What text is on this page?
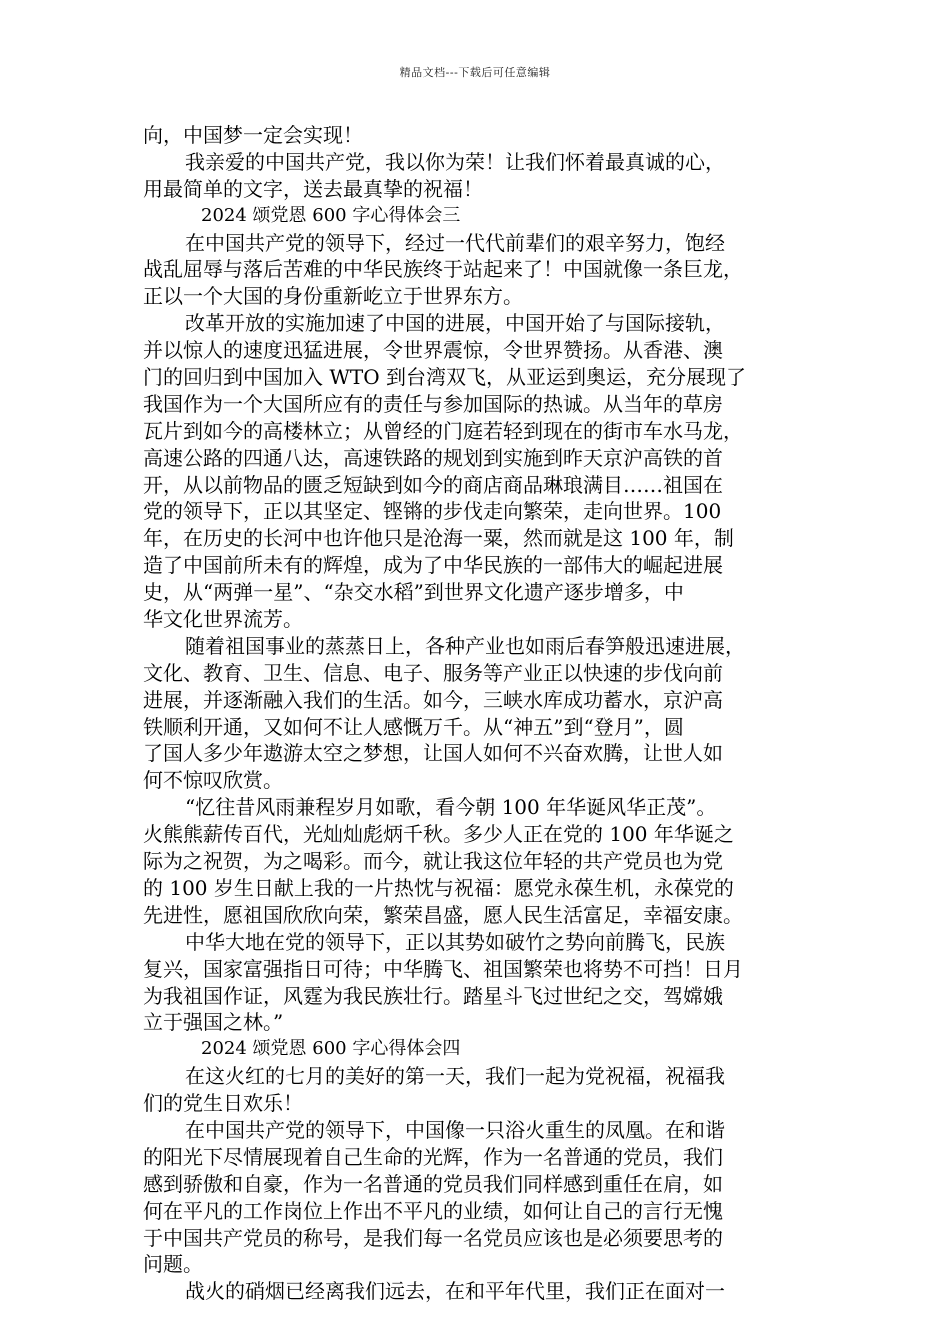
精品文档---下载后可任意编辑
向，中国梦一定会实现！
我亲爱的中国共产党，我以你为荣！让我们怀着最真诚的心，
用最简单的文字，送去最真挚的祝福！
2024 颂党恩 600 字心得体会三
在中国共产党的领导下，经过一代代前辈们的艰辛努力，饱经
战乱屈辱与落后苦难的中华民族终于站起来了！中国就像一条巨龙，
正以一个大国的身份重新屹立于世界东方。
改革开放的实施加速了中国的进展，中国开始了与国际接轨，
并以惊人的速度迅猛进展，令世界震惊，令世界赞扬。从香港、澳
门的回归到中国加入 WTO 到台湾双飞，从亚运到奥运，充分展现了
我国作为一个大国所应有的责任与参加国际的热诚。从当年的草房
瓦片到如今的高楼林立；从曾经的门庭若轻到现在的街市车水马龙，
高速公路的四通八达，高速铁路的规划到实施到昨天京沪高铁的首
开，从以前物品的匮乏短缺到如今的商店商品琳琅满目……祖国在
党的领导下，正以其坚定、铿锵的步伐走向繁荣，走向世界。100
年，在历史的长河中也许他只是沧海一粟，然而就是这 100 年，制
造了中国前所未有的辉煌，成为了中华民族的一部伟大的崛起进展
史，从“两弹一星”、“杂交水稻”到世界文化遗产逐步增多，中
华文化世界流芳。
随着祖国事业的蒸蒸日上，各种产业也如雨后春笋般迅速进展，
文化、教育、卫生、信息、电子、服务等产业正以快速的步伐向前
进展，并逐渐融入我们的生活。如今，三峡水库成功蓄水，京沪高
铁顺利开通，又如何不让人感慨万千。从“神五”到“登月”，圆
了国人多少年遨游太空之梦想，让国人如何不兴奋欢腾，让世人如
何不惊叹欣赏。
“忆往昔风雨兼程岁月如歌，看今朝 100 年华诞风华正茂”。
火熊熊薪传百代，光灿灿彪炳千秋。多少人正在党的 100 年华诞之
际为之祝贺，为之喝彩。而今，就让我这位年轻的共产党员也为党
的 100 岁生日献上我的一片热忱与祝福：愿党永葆生机，永葆党的
先进性，愿祖国欣欣向荣，繁荣昌盛，愿人民生活富足，幸福安康。
中华大地在党的领导下，正以其势如破竹之势向前腾飞，民族
复兴，国家富强指日可待；中华腾飞、祖国繁荣也将势不可挡！日月
为我祖国作证，风霆为我民族壮行。踏星斗飞过世纪之交，驾嫦娥
立于强国之林。”
2024 颂党恩 600 字心得体会四
在这火红的七月的美好的第一天，我们一起为党祝福，祝福我
们的党生日欢乐！
在中国共产党的领导下，中国像一只浴火重生的凤凰。在和谐
的阳光下尽情展现着自己生命的光辉，作为一名普通的党员，我们
感到骄傲和自豪，作为一名普通的党员我们同样感到重任在肩，如
何在平凡的工作岗位上作出不平凡的业绩，如何让自己的言行无愧
于中国共产党员的称号，是我们每一名党员应该也是必须要思考的
问题。
战火的硝烟已经离我们远去，在和平年代里，我们正在面对一
